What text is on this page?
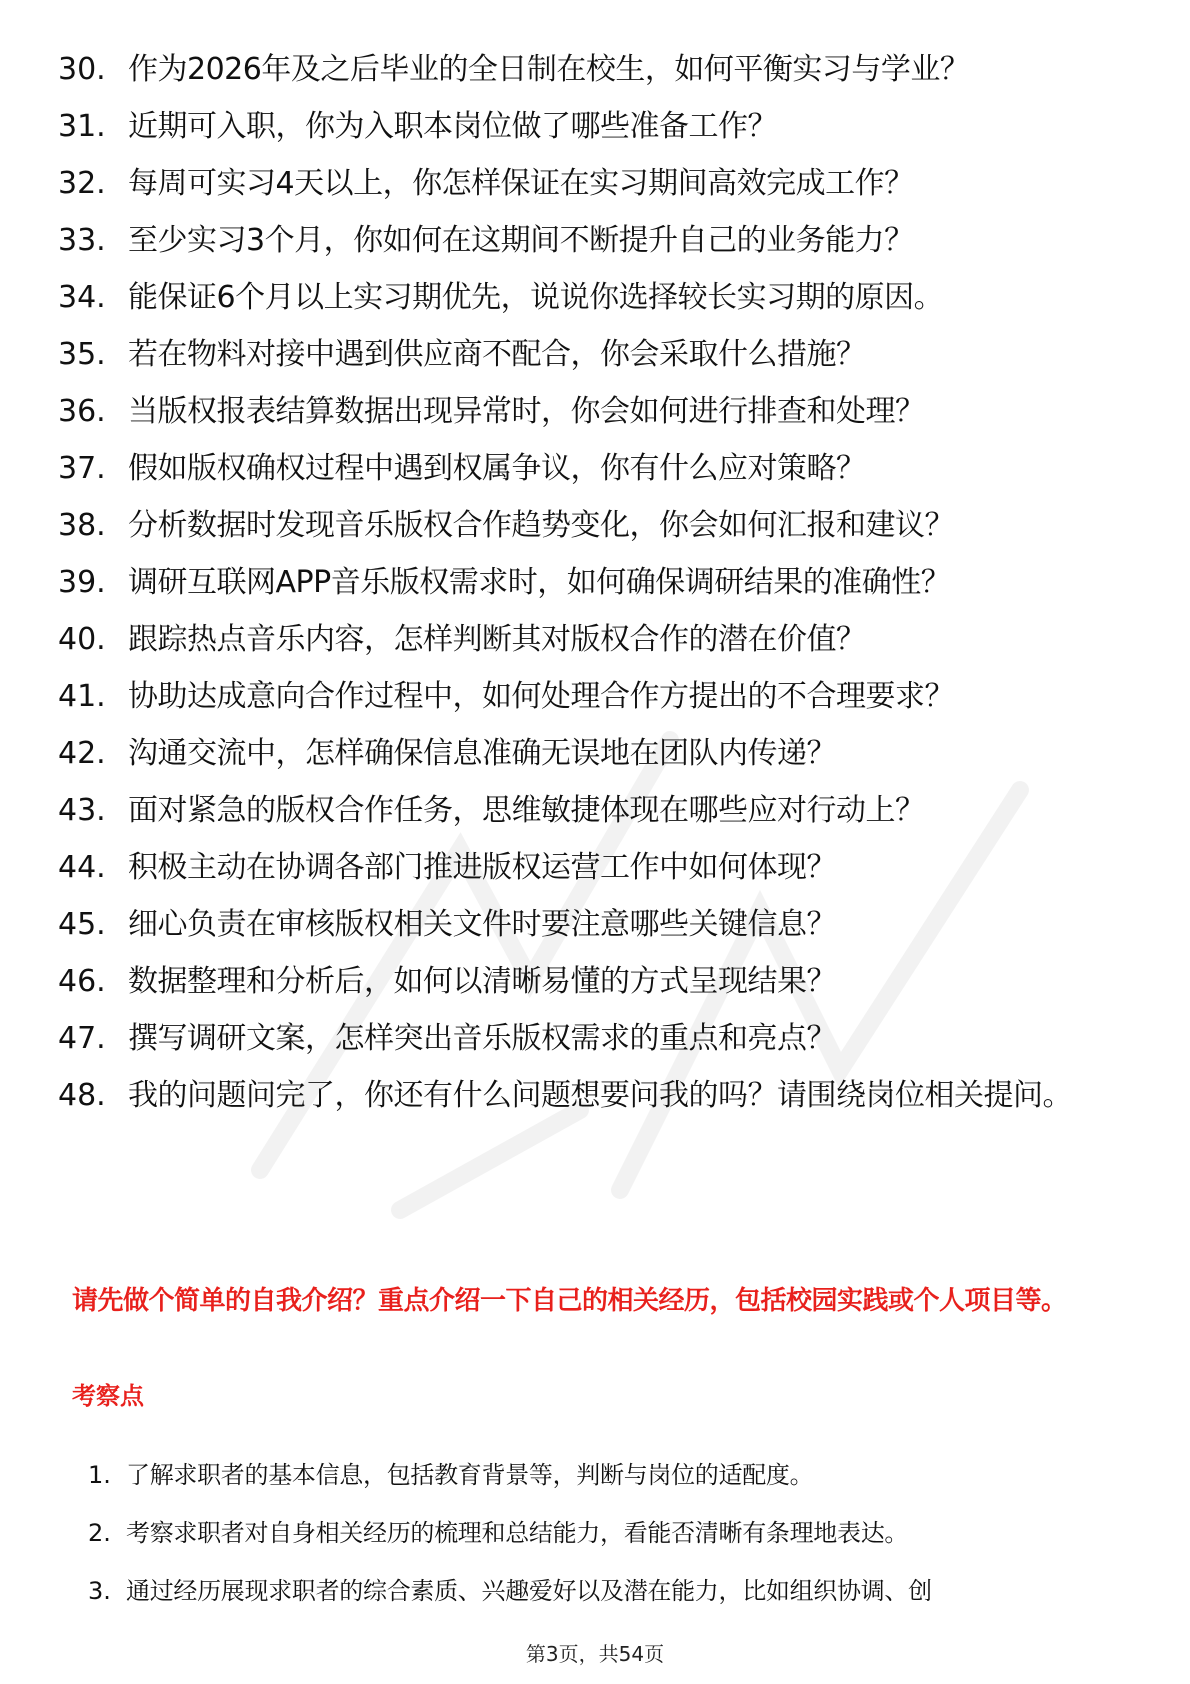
30. 作为2026年及之后毕业的全日制在校生，如何平衡实习与学业？
31. 近期可入职，你为入职本岗位做了哪些准备工作？
32. 每周可实习4天以上，你怎样保证在实习期间高效完成工作？
33. 至少实习3个月，你如何在这期间不断提升自己的业务能力？
34. 能保证6个月以上实习期优先，说说你选择较长实习期的原因。
35. 若在物料对接中遇到供应商不配合，你会采取什么措施？
36. 当版权报表结算数据出现异常时，你会如何进行排查和处理？
37. 假如版权确权过程中遇到权属争议，你有什么应对策略？
38. 分析数据时发现音乐版权合作趋势变化，你会如何汇报和建议？
39. 调研互联网APP音乐版权需求时，如何确保调研结果的准确性？
40. 跟踪热点音乐内容，怎样判断其对版权合作的潜在价值？
41. 协助达成意向合作过程中，如何处理合作方提出的不合理要求？
42. 沟通交流中，怎样确保信息准确无误地在团队内传递？
43. 面对紧急的版权合作任务，思维敏捷体现在哪些应对行动上？
44. 积极主动在协调各部门推进版权运营工作中如何体现？
45. 细心负责在审核版权相关文件时要注意哪些关键信息？
46. 数据整理和分析后，如何以清晰易懂的方式呈现结果？
47. 撰写调研文案，怎样突出音乐版权需求的重点和亮点？
48. 我的问题问完了，你还有什么问题想要问我的吗？请围绕岗位相关提问。
请先做个简单的自我介绍？重点介绍一下自己的相关经历，包括校园实践或个人项目等。
考察点
1. 了解求职者的基本信息，包括教育背景等，判断与岗位的适配度。
2. 考察求职者对自身相关经历的梳理和总结能力，看能否清晰有条理地表达。
3. 通过经历展现求职者的综合素质、兴趣爱好以及潜在能力，比如组织协调、创
第3页，共54页
